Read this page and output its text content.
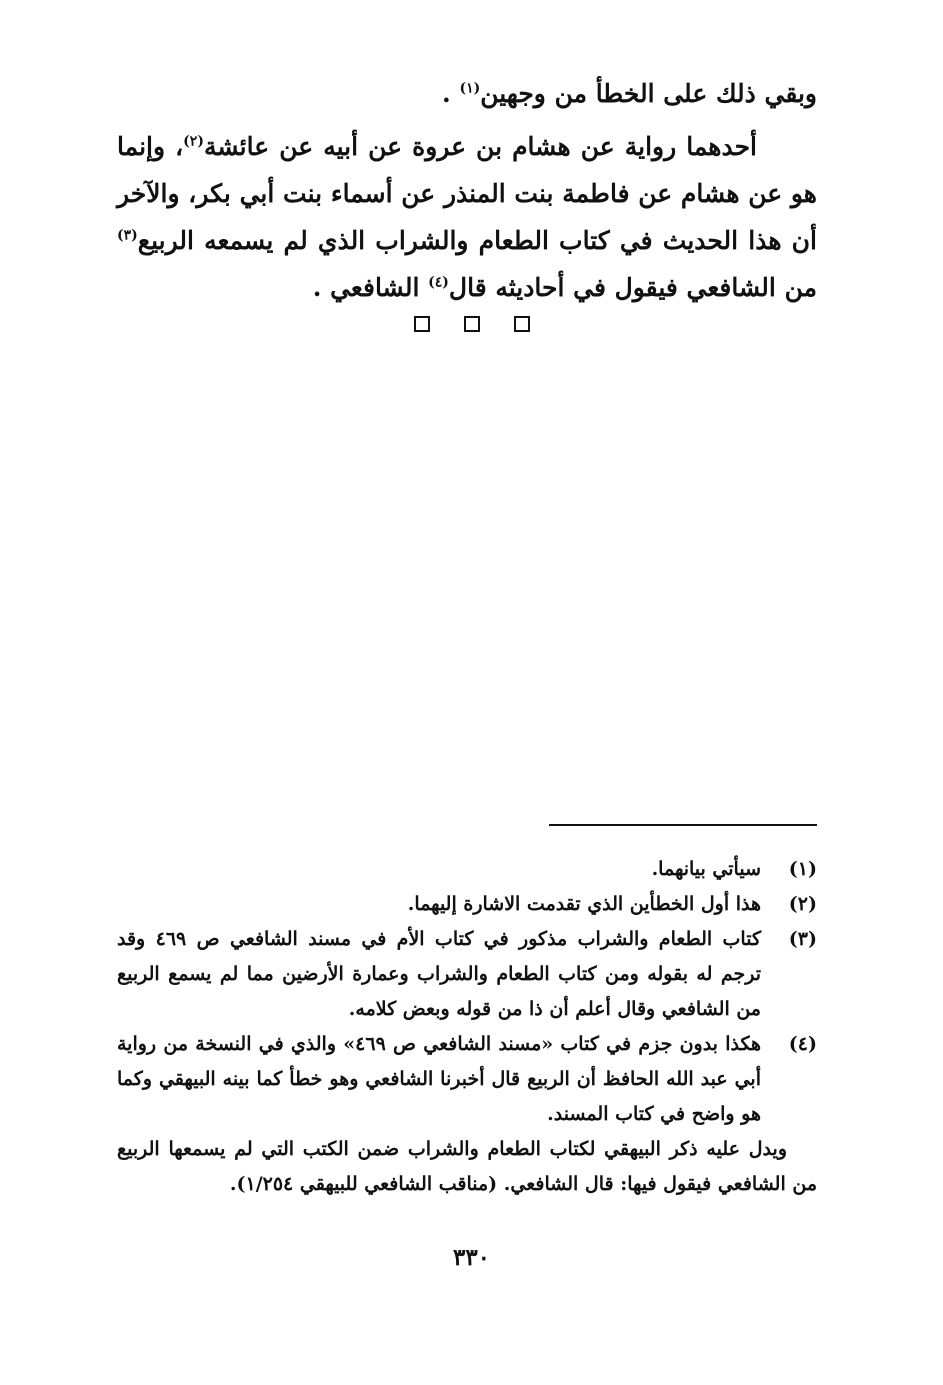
وبقي ذلك على الخطأ من وجهين$^{(١)}$ .

أحدهما رواية عن هشام بن عروة عن أبيه عن عائشة$^{(٢)}$، وإنما هو عن هشام عن فاطمة بنت المنذر عن أسماء بنت أبي بكر، والآخر أن هذا الحديث في كتاب الطعام والشراب الذي لم يسمعه الربيع$^{(٣)}$ من الشافعي فيقول في أحاديثه قال$^{(٤)}$ الشافعي .

(١)
سيأتي بيانهما.
(٢)
هذا أول الخطأين الذي تقدمت الاشارة إليهما.
(٣)
كتاب الطعام والشراب مذكور في كتاب الأم في مسند الشافعي ص ٤٦٩ وقد ترجم له بقوله ومن كتاب الطعام والشراب وعمارة الأرضين مما لم يسمع الربيع من الشافعي وقال أعلم أن ذا من قوله وبعض كلامه.
(٤)
هكذا بدون جزم في كتاب «مسند الشافعي ص ٤٦٩» والذي في النسخة من رواية أبي عبد الله الحافظ أن الربيع قال أخبرنا الشافعي وهو خطأ كما بينه البيهقي وكما هو واضح في كتاب المسند.
ويدل عليه ذكر البيهقي لكتاب الطعام والشراب ضمن الكتب التي لم يسمعها الربيع من الشافعي فيقول فيها: قال الشافعي. (مناقب الشافعي للبيهقي ١/٢٥٤).
٣٣٠
